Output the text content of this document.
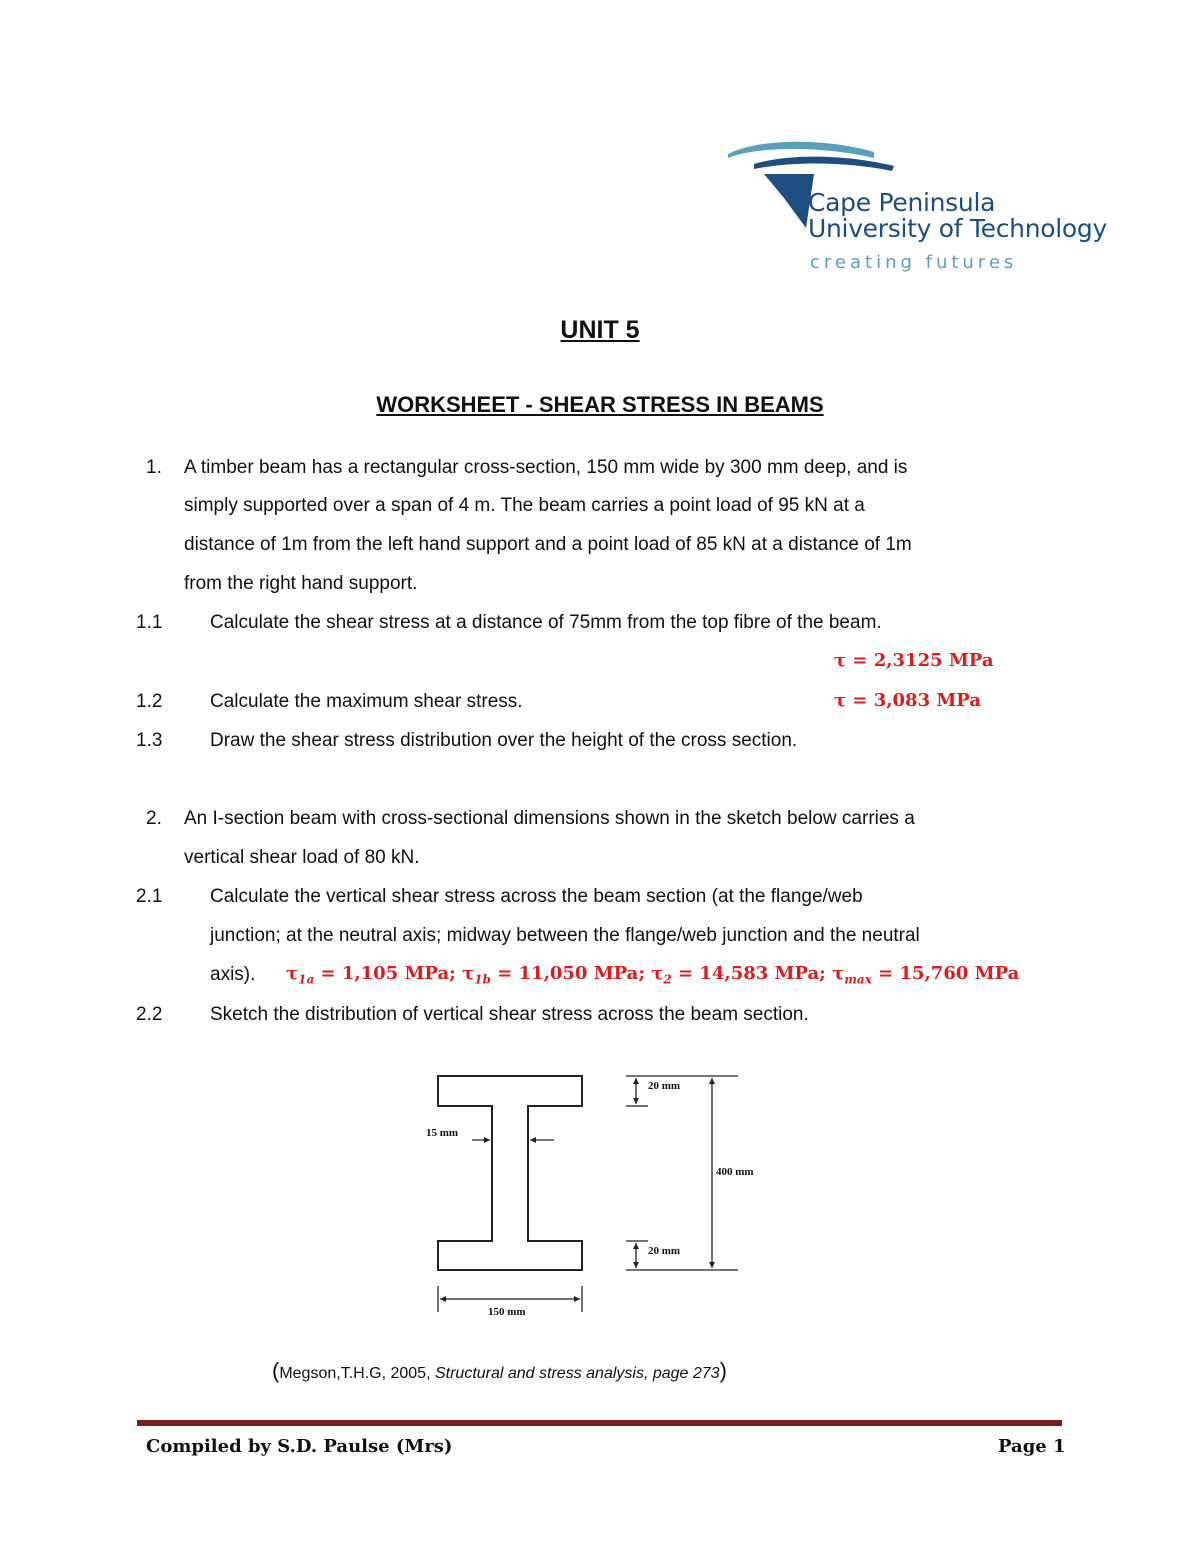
Cape Peninsula
University of Technology
creating futures
UNIT 5
WORKSHEET - SHEAR STRESS IN BEAMS
1. A timber beam has a rectangular cross-section, 150 mm wide by 300 mm deep, and is
simply supported over a span of 4 m. The beam carries a point load of 95 kN at a
distance of 1m from the left hand support and a point load of 85 kN at a distance of 1m
from the right hand support.
1.1	Calculate the shear stress at a distance of 75mm from the top fibre of the beam.
τ = 2,3125 MPa
1.2	Calculate the maximum shear stress.	τ = 3,083 MPa
1.3	Draw the shear stress distribution over the height of the cross section.
2. An I-section beam with cross-sectional dimensions shown in the sketch below carries a
vertical shear load of 80 kN.
2.1	Calculate the vertical shear stress across the beam section (at the flange/web
junction; at the neutral axis; midway between the flange/web junction and the neutral
axis). $\tau_{1a} = 1,105$ MPa; $\tau_{1b} = 11,050$ MPa; $\tau_2 = 14,583$ MPa; $\tau_{max} = 15,760$ MPa
2.2	Sketch the distribution of vertical shear stress across the beam section.
15 mm
20 mm
400 mm
20 mm
150 mm
(Megson,T.H.G, 2005, Structural and stress analysis, page 273)
Compiled by S.D. Paulse (Mrs)	Page 1
